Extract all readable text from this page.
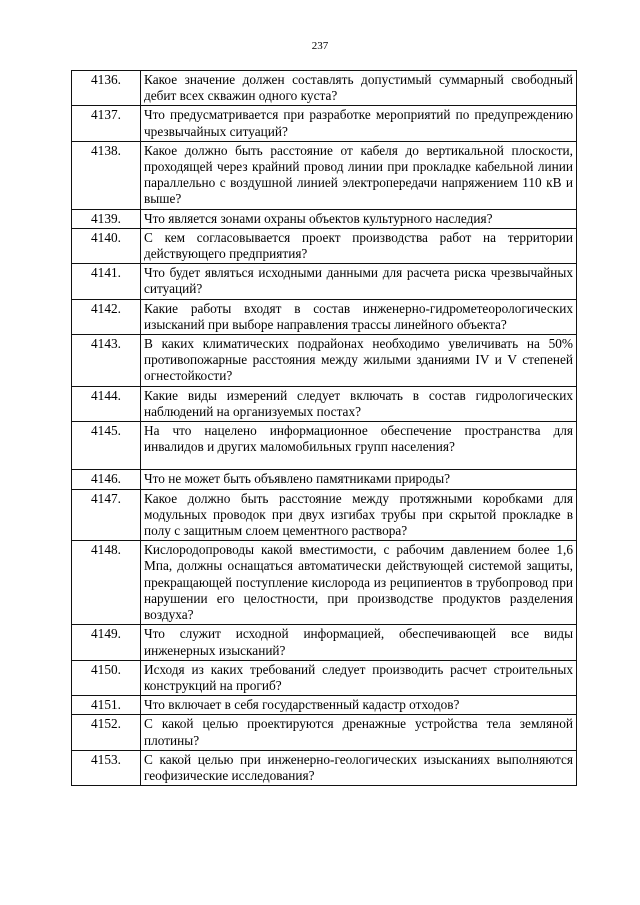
237
4136.	Какое значение должен составлять допустимый суммарный свободный дебит всех скважин одного куста?
4137.	Что предусматривается при разработке мероприятий по предупреждению чрезвычайных ситуаций?
4138.	Какое должно быть расстояние от кабеля до вертикальной плоскости, проходящей через крайний провод линии при прокладке кабельной линии параллельно с воздушной линией электропередачи напряжением 110 кВ и выше?
4139.	Что является зонами охраны объектов культурного наследия?
4140.	С кем согласовывается проект производства работ на территории действующего предприятия?
4141.	Что будет являться исходными данными для расчета риска чрезвычайных ситуаций?
4142.	Какие работы входят в состав инженерно-гидрометеорологических изысканий при выборе направления трассы линейного объекта?
4143.	В каких климатических подрайонах необходимо увеличивать на 50% противопожарные расстояния между жилыми зданиями IV и V степеней огнестойкости?
4144.	Какие виды измерений следует включать в состав гидрологических наблюдений на организуемых постах?
4145.	На что нацелено информационное обеспечение пространства для инвалидов и других маломобильных групп населения?
4146.	Что не может быть объявлено памятниками природы?
4147.	Какое должно быть расстояние между протяжными коробками для модульных проводок при двух изгибах трубы при скрытой прокладке в полу с защитным слоем цементного раствора?
4148.	Кислородопроводы какой вместимости, с рабочим давлением более 1,6 Мпа, должны оснащаться автоматически действующей системой защиты, прекращающей поступление кислорода из реципиентов в трубопровод при нарушении его целостности, при производстве продуктов разделения воздуха?
4149.	Что служит исходной информацией, обеспечивающей все виды инженерных изысканий?
4150.	Исходя из каких требований следует производить расчет строительных конструкций на прогиб?
4151.	Что включает в себя государственный кадастр отходов?
4152.	С какой целью проектируются дренажные устройства тела земляной плотины?
4153.	С какой целью при инженерно-геологических изысканиях выполняются геофизические исследования?
